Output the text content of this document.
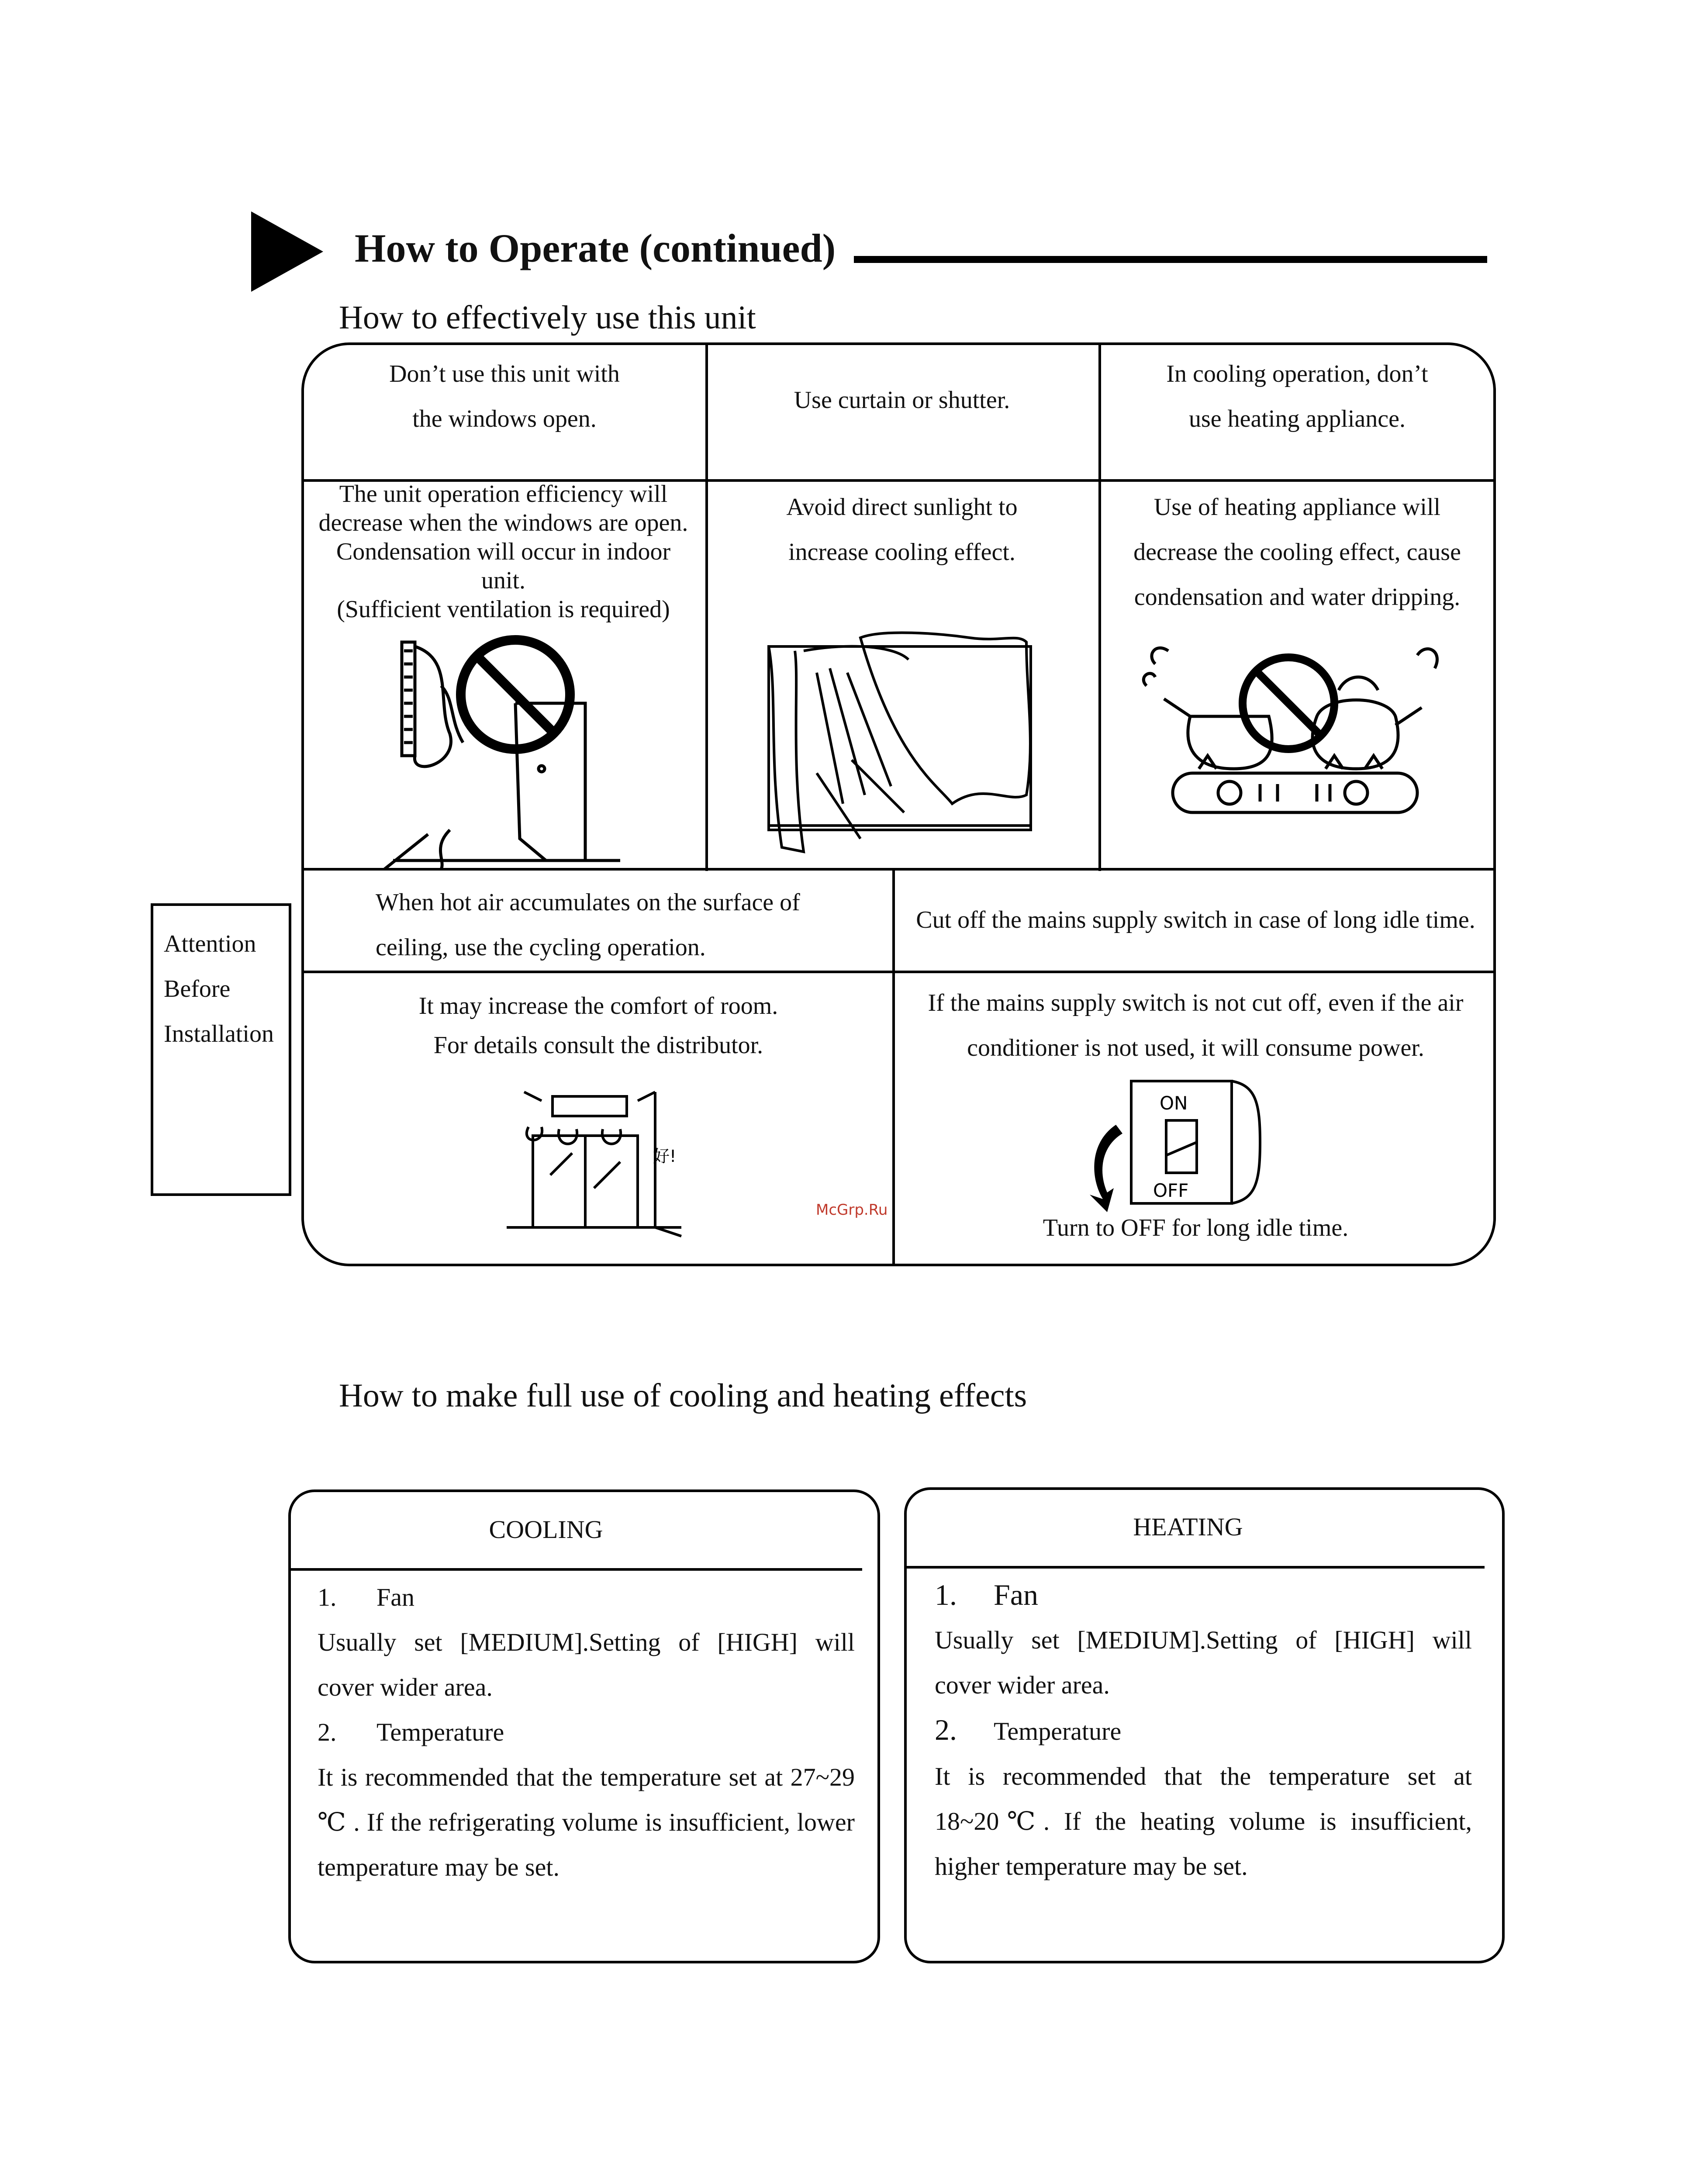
How to Operate (continued)
How to effectively use this unit
Don’t use this unit with
the windows open.
The unit operation efficiency will
decrease when the windows are open.
Condensation will occur in indoor
unit.
(Sufficient ventilation is required)
Use curtain or shutter.
Avoid direct sunlight to
increase cooling effect.
In cooling operation, don’t
use heating appliance.
Use of heating appliance will
decrease the cooling effect, cause
condensation and water dripping.
When hot air accumulates on the surface of
ceiling, use the cycling operation.
It may increase the comfort of room.
For details consult the distributor.
好!
Cut off the mains supply switch in case of long idle time.
If the mains supply switch is not cut off, even if the air
conditioner is not used, it will consume power.
ON
OFF
Turn to OFF for long idle time.
Attention
Before
Installation
McGrp.Ru
How to make full use of cooling and heating effects
COOLING
1. Fan
Usually set [MEDIUM].Setting of [HIGH] will cover wider area.
2. Temperature
It is recommended that the temperature set at 27~29 ℃ . If the refrigerating volume is insufficient, lower temperature may be set.
HEATING
1. Fan
Usually set [MEDIUM].Setting of [HIGH] will cover wider area.
2. Temperature
It is recommended that the temperature set at 18~20℃. If the heating volume is insufficient, higher temperature may be set.
